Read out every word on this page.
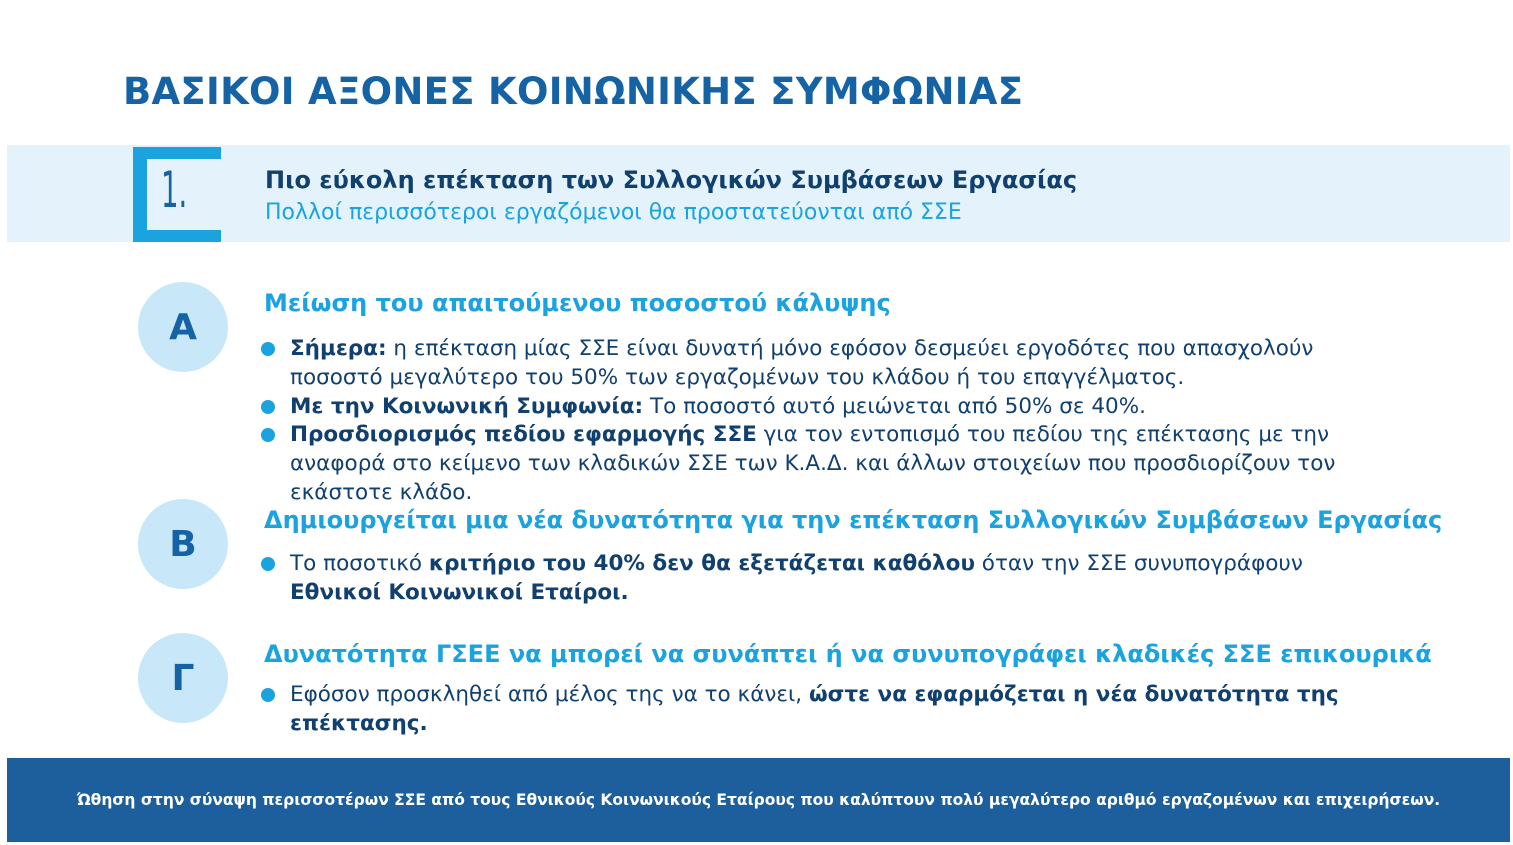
ΒΑΣΙΚΟΙ ΑΞΟΝΕΣ ΚΟΙΝΩΝΙΚΗΣ ΣΥΜΦΩΝΙΑΣ
1.	Πιο εύκολη επέκταση των Συλλογικών Συμβάσεων Εργασίας
Πολλοί περισσότεροι εργαζόμενοι θα προστατεύονται από ΣΣΕ
Α
Μείωση του απαιτούμενου ποσοστού κάλυψης
Σήμερα: η επέκταση μίας ΣΣΕ είναι δυνατή μόνο εφόσον δεσμεύει εργοδότες που απασχολούν ποσοστό μεγαλύτερο του 50% των εργαζομένων του κλάδου ή του επαγγέλματος.
Με την Κοινωνική Συμφωνία: Το ποσοστό αυτό μειώνεται από 50% σε 40%.
Προσδιορισμός πεδίου εφαρμογής ΣΣΕ για τον εντοπισμό του πεδίου της επέκτασης με την αναφορά στο κείμενο των κλαδικών ΣΣΕ των Κ.Α.Δ. και άλλων στοιχείων που προσδιορίζουν τον εκάστοτε κλάδο.
Β
Δημιουργείται μια νέα δυνατότητα για την επέκταση Συλλογικών Συμβάσεων Εργασίας
Το ποσοτικό κριτήριο του 40% δεν θα εξετάζεται καθόλου όταν την ΣΣΕ συνυπογράφουν Εθνικοί Κοινωνικοί Εταίροι.
Γ
Δυνατότητα ΓΣΕΕ να μπορεί να συνάπτει ή να συνυπογράφει κλαδικές ΣΣΕ επικουρικά
Εφόσον προσκληθεί από μέλος της να το κάνει, ώστε να εφαρμόζεται η νέα δυνατότητα της επέκτασης.
Ώθηση στην σύναψη περισσοτέρων ΣΣΕ από τους Εθνικούς Κοινωνικούς Εταίρους που καλύπτουν πολύ μεγαλύτερο αριθμό εργαζομένων και επιχειρήσεων.
